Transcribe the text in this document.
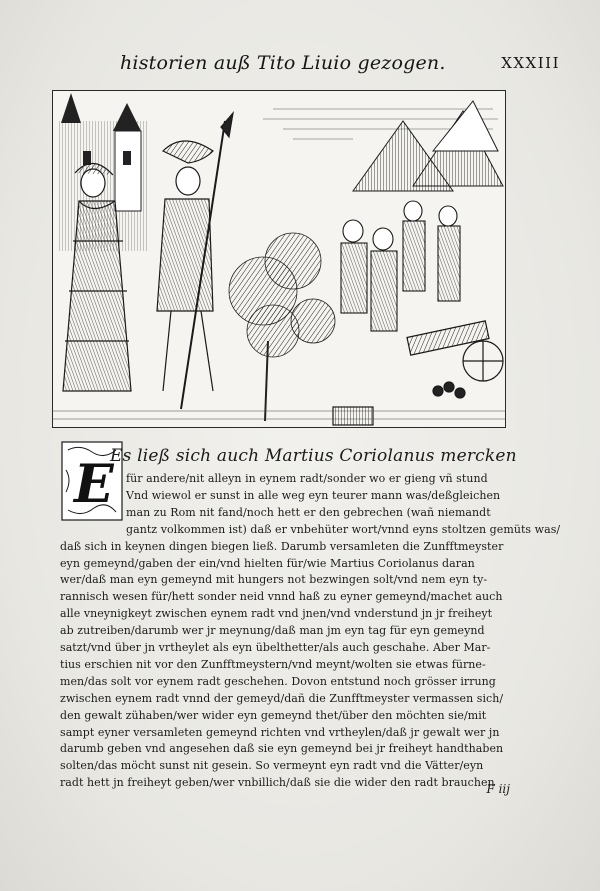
historien auß Tito Liuio gezogen.	XXXIII
E
Es ließ sich auch Martius Coriolanus mercken
für andere/nit alleyn in eynem radt/sonder wo er gieng vñ stund
Vnd wiewol er sunst in alle weg eyn teurer mann was/deßgleichen
man zu Rom nit fand/noch hett er den gebrechen (wañ niemandt
gantz volkommen ist) daß er vnbehüter wort/vnnd eyns stoltzen gemüts was/
daß sich in keynen dingen biegen ließ. Darumb versamleten die Zunfftmeyster
eyn gemeynd/gaben der ein/vnd hielten für/wie Martius Coriolanus daran
wer/daß man eyn gemeynd mit hungers not bezwingen solt/vnd nem eyn ty-
rannisch wesen für/hett sonder neid vnnd haß zu eyner gemeynd/machet auch
alle vneynigkeyt zwischen eynem radt vnd jnen/vnd vnderstund jn jr freiheyt
ab zutreiben/darumb wer jr meynung/daß man jm eyn tag für eyn gemeynd
satzt/vnd über jn vrtheylet als eyn übelthetter/als auch geschahe. Aber Mar-
tius erschien nit vor den Zunfftmeystern/vnd meynt/wolten sie etwas fürne-
men/das solt vor eynem radt geschehen. Dovon entstund noch grösser irrung
zwischen eynem radt vnnd der gemeyd/dañ die Zunfftmeyster vermassen sich/
den gewalt zühaben/wer wider eyn gemeynd thet/über den möchten sie/mit
sampt eyner versamleten gemeynd richten vnd vrtheylen/daß jr gewalt wer jn
darumb geben vnd angesehen daß sie eyn gemeynd bei jr freiheyt handthaben
solten/das möcht sunst nit gesein. So vermeynt eyn radt vnd die Vätter/eyn
radt hett jn freiheyt geben/wer vnbillich/daß sie die wider den radt brauchen
F iij
